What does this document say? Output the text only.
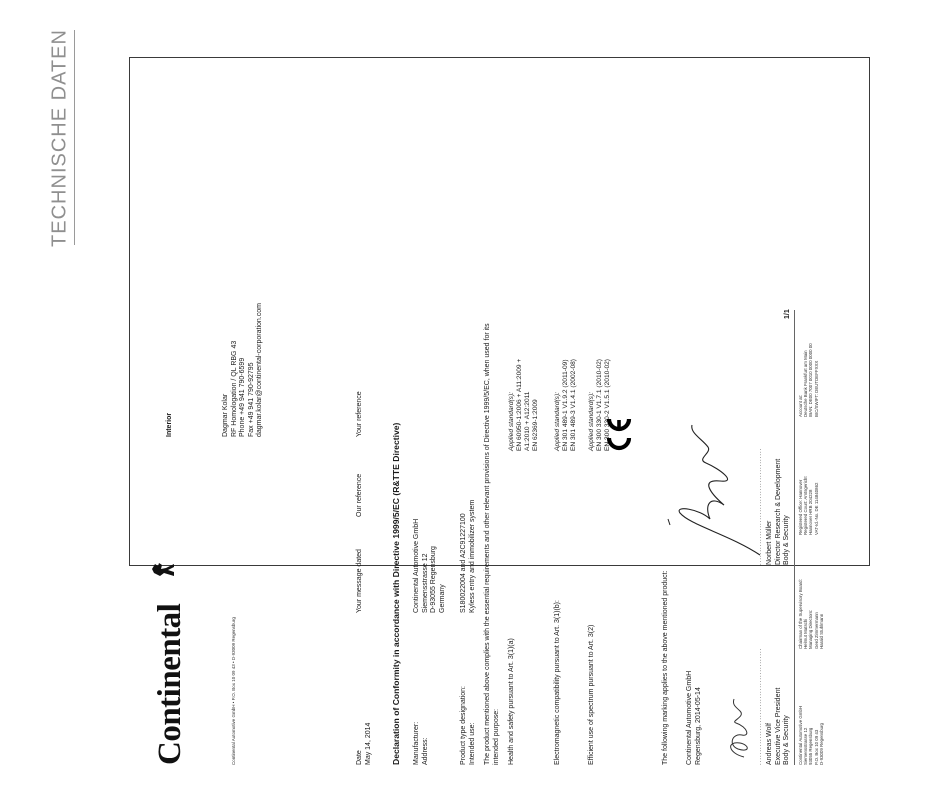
TECHNISCHE DATEN
Continental
Interior
Continental Automotive GmbH • P.O. Box 10 09 43 • D-93009 Regensburg
Dagmar Kolar RF Homologation / QL RBG 43 Phone +49 941 790-6599 Fax +49 941 790-92795 dagmar.kolar@continental-corporation.com
Date May 14, 2014
Your message dated
Our reference
Your reference
Declaration of Conformity in accordance with Directive 1999/5/EC (R&TTE Directive) Manufacturer: Address:
Continental Automotive GmbH Siemensstrasse 12 D-93055 Regensburg Germany
Product type designation: Intended use:
S180022004 and A2C91227100 Kyless entry and immobilizer system The product mentioned above complies with the essential requirements and other relevant provisions of Directive 1999/5/EC, when used for its intended purpose: Health and safety pursuant to Art. 3(1)(a)
Applied standard(s): EN 60950-1:2006 + A11:2009 + A1:2010 + A12:2011 EN 62369-1:2009
Electromagnetic compatibility pursuant to Art. 3(1)(b):
Applied standard(s): EN 301 489-1 V1.9.2 (2011-09) EN 301 489-3 V1.4.1 (2002-08)
Efficient use of spectrum pursuant to Art. 3(2)
Applied standard(s): EN 300 330-1 V1.7.1 (2010-02) EN 300 330-2 V1.5.1 (2010-02)
The following marking applies to the above mentioned product: Continental Automotive GmbH Regensburg, 2014-05-14	............................................
............................................
Andreas Wolf Executive Vice President Body & Security
Norbert Müller Director Research & Development Body & Security
1/1
Continental Automotive GmbH Siemensstrasse 12 93055 Regensburg P.O. Box 10 09 43 D-93009 Regensburg
Chairman of the Supervisory Board: Helmut Matschi Managing Directors: Gerd Zimmermann Harald Stuhlmann
Registered Office: Hannover Registered Court: Amtsgericht Hannover HRB 204228 VAT-Id.-No. DE 114840862
Account at: Deutsche Bank Frankfurt am Main IBAN: DE00 7007 0010 0000 0000 00 BIC/SWIFT: DEUTDEFFXXX
